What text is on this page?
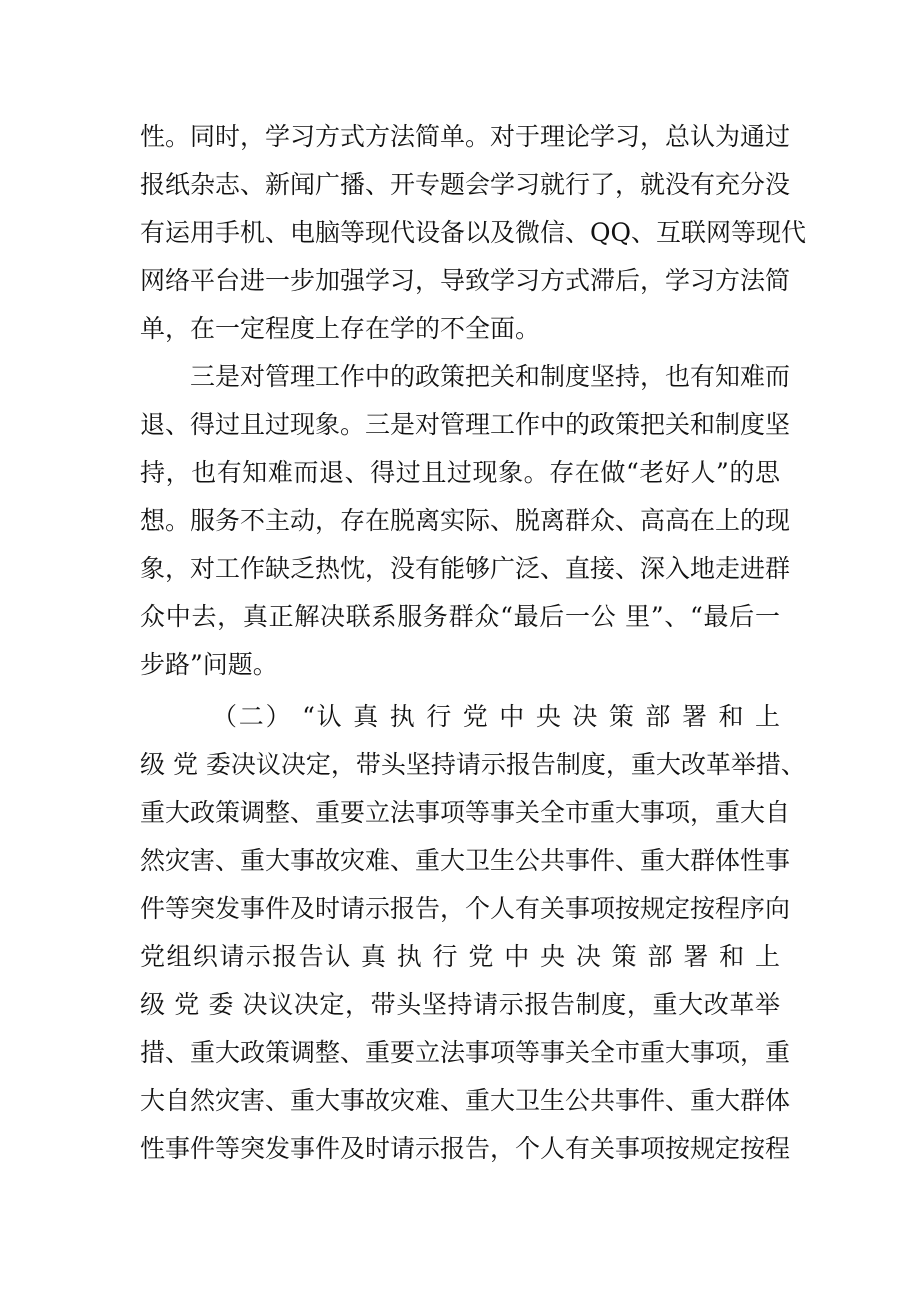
性。同时，学习方式方法简单。对于理论学习，总认为通过
报纸杂志、新闻广播、开专题会学习就行了，就没有充分没
有运用手机、电脑等现代设备以及微信、QQ、互联网等现代
网络平台进一步加强学习，导致学习方式滞后，学习方法简
单，在一定程度上存在学的不全面。
三是对管理工作中的政策把关和制度坚持，也有知难而
退、得过且过现象。三是对管理工作中的政策把关和制度坚
持，也有知难而退、得过且过现象。存在做“老好人”的思
想。服务不主动，存在脱离实际、脱离群众、高高在上的现
象，对工作缺乏热忱，没有能够广泛、直接、深入地走进群
众中去，真正解决联系服务群众“最后一公 里”、“最后一
步路”问题。
（二） “认 真 执 行 党 中 央 决 策 部 署 和 上
级 党 委决议决定，带头坚持请示报告制度，重大改革举措、
重大政策调整、重要立法事项等事关全市重大事项，重大自
然灾害、重大事故灾难、重大卫生公共事件、重大群体性事
件等突发事件及时请示报告，个人有关事项按规定按程序向
党组织请示报告认 真 执 行 党 中 央 决 策 部 署 和 上
级 党 委 决议决定，带头坚持请示报告制度，重大改革举
措、重大政策调整、重要立法事项等事关全市重大事项，重
大自然灾害、重大事故灾难、重大卫生公共事件、重大群体
性事件等突发事件及时请示报告，个人有关事项按规定按程
